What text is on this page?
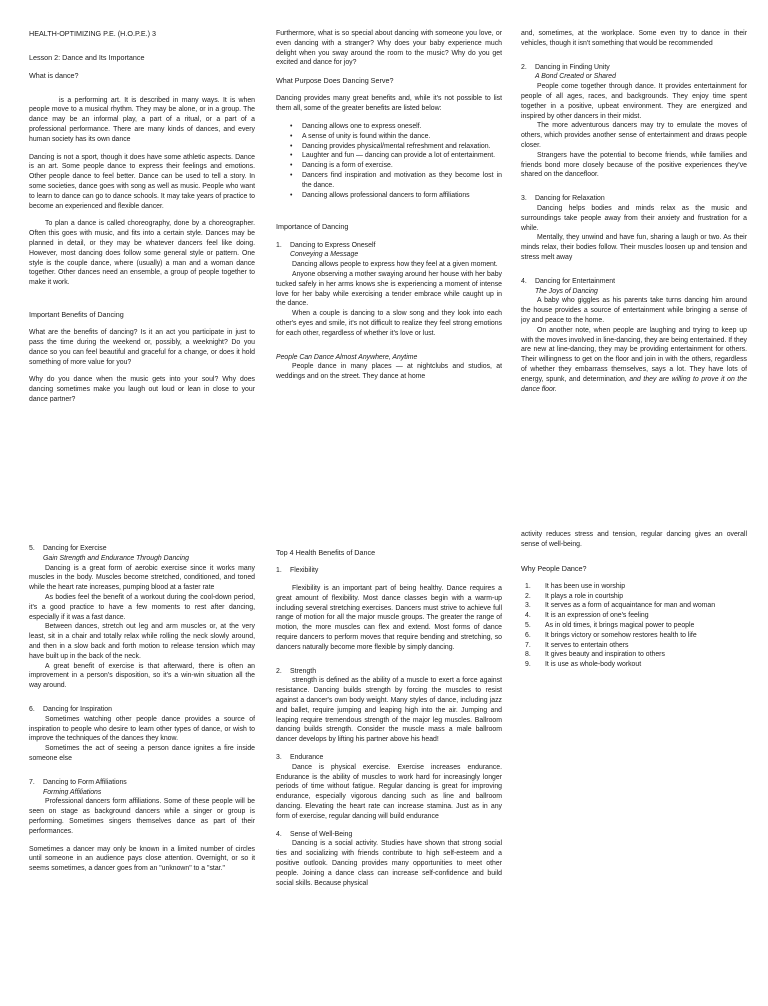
HEALTH-OPTIMIZING P.E. (H.O.P.E.) 3

Lesson 2: Dance and Its Importance

What is dance?

is a performing art. It is described in many ways. It is when people move to a musical rhythm. They may be alone, or in a group. The dance may be an informal play, a part of a ritual, or a part of a professional performance. There are many kinds of dances, and every human society has its own dance

Dancing is not a sport, though it does have some athletic aspects. Dance is an art. Some people dance to express their feelings and emotions. Other people dance to feel better. Dance can be used to tell a story. In some societies, dance goes with song as well as music. People who want to learn to dance can go to dance schools. It may take years of practice to become an experienced and flexible dancer.

To plan a dance is called choreography, done by a choreographer. Often this goes with music, and fits into a certain style. Dances may be planned in detail, or they may be whatever dancers feel like doing. However, most dancing does follow some general style or pattern. One style is the couple dance, where (usually) a man and a woman dance together. Other dances need an ensemble, a group of people together to make it work.

Important Benefits of Dancing

What are the benefits of dancing? Is it an act you participate in just to pass the time during the weekend or, possibly, a weeknight? Do you dance so you can feel beautiful and graceful for a change, or does it hold something of more value for you?

Why do you dance when the music gets into your soul? Why does dancing sometimes make you laugh out loud or lean in close to your dance partner?

Furthermore, what is so special about dancing with someone you love, or even dancing with a stranger? Why does your baby experience much delight when you sway around the room to the music? Why do you get excited and dance for joy?

What Purpose Does Dancing Serve?

Dancing provides many great benefits and, while it's not possible to list them all, some of the greater benefits are listed below:

• Dancing allows one to express oneself.
• A sense of unity is found within the dance.
• Dancing provides physical/mental refreshment and relaxation.
• Laughter and fun — dancing can provide a lot of entertainment.
• Dancing is a form of exercise.
• Dancers find inspiration and motivation as they become lost in the dance.
• Dancing allows professional dancers to form affiliations

Importance of Dancing

1.	Dancing to Express Oneself

Conveying a Message

Dancing allows people to express how they feel at a given moment.

Anyone observing a mother swaying around her house with her baby tucked safely in her arms knows she is experiencing a moment of intense love for her baby while exercising a tender embrace while caught up in the dance.

When a couple is dancing to a slow song and they look into each other's eyes and smile, it's not difficult to realize they feel strong emotions for each other, regardless of whether it's love or lust.

People Can Dance Almost Anywhere, Anytime

People dance in many places — at nightclubs and studios, at weddings and on the street. They dance at home

and, sometimes, at the workplace. Some even try to dance in their vehicles, though it isn't something that would be recommended

2.	Dancing in Finding Unity

A Bond Created or Shared

People come together through dance. It provides entertainment for people of all ages, races, and backgrounds. They enjoy time spent together in a positive, upbeat environment. They are energized and inspired by other dancers in their midst.

The more adventurous dancers may try to emulate the moves of others, which provides another sense of entertainment and draws people closer.

Strangers have the potential to become friends, while families and friends bond more closely because of the positive experiences they've shared on the dancefloor.

3.	Dancing for Relaxation

Dancing helps bodies and minds relax as the music and surroundings take people away from their anxiety and frustration for a while.

Mentally, they unwind and have fun, sharing a laugh or two. As their minds relax, their bodies follow. Their muscles loosen up and tension and stress melt away

4.	Dancing for Entertainment

The Joys of Dancing

A baby who giggles as his parents take turns dancing him around the house provides a source of entertainment while bringing a sense of joy and peace to the home.

On another note, when people are laughing and trying to keep up with the moves involved in line-dancing, they are being entertained. If they are new at line-dancing, they may be providing entertainment for others. Their willingness to get on the floor and join in with the others, regardless of whether they embarrass themselves, says a lot. They have lots of energy, spunk, and determination, and they are willing to prove it on the dance floor.

5.	Dancing for Exercise

Gain Strength and Endurance Through Dancing

Dancing is a great form of aerobic exercise since it works many muscles in the body. Muscles become stretched, conditioned, and toned while the heart rate increases, pumping blood at a faster rate

As bodies feel the benefit of a workout during the cool-down period, it's a good practice to have a few moments to rest after dancing, especially if it was a fast dance.

Between dances, stretch out leg and arm muscles or, at the very least, sit in a chair and totally relax while rolling the neck slowly around, and then in a slow back and forth motion to release tension which may have built up in the back of the neck.

A great benefit of exercise is that afterward, there is often an improvement in a person's disposition, so it's a win-win situation all the way around.

6.	Dancing for Inspiration

Sometimes watching other people dance provides a source of inspiration to people who desire to learn other types of dance, or wish to improve the techniques of the dances they know.

Sometimes the act of seeing a person dance ignites a fire inside someone else

7.	Dancing to Form Affiliations

Forming Affiliations

Professional dancers form affiliations. Some of these people will be seen on stage as background dancers while a singer or group is performing. Sometimes singers themselves dance as part of their performances.

Sometimes a dancer may only be known in a limited number of circles until someone in an audience pays close attention. Overnight, or so it seems sometimes, a dancer goes from an "unknown" to a "star."

Top 4 Health Benefits of Dance

1.	Flexibility

Flexibility is an important part of being healthy. Dance requires a great amount of flexibility. Most dance classes begin with a warm-up including several stretching exercises. Dancers must strive to achieve full range of motion for all the major muscle groups. The greater the range of motion, the more muscles can flex and extend. Most forms of dance require dancers to perform moves that require bending and stretching, so dancers naturally become more flexible by simply dancing.

2.	Strength

strength is defined as the ability of a muscle to exert a force against resistance. Dancing builds strength by forcing the muscles to resist against a dancer's own body weight. Many styles of dance, including jazz and ballet, require jumping and leaping high into the air. Jumping and leaping require tremendous strength of the major leg muscles. Ballroom dancing builds strength. Consider the muscle mass a male ballroom dancer develops by lifting his partner above his head!

3.	Endurance

Dance is physical exercise. Exercise increases endurance. Endurance is the ability of muscles to work hard for increasingly longer periods of time without fatigue. Regular dancing is great for improving endurance, especially vigorous dancing such as line and ballroom dancing. Elevating the heart rate can increase stamina. Just as in any form of exercise, regular dancing will build endurance

4.	Sense of Well-Being

Dancing is a social activity. Studies have shown that strong social ties and socializing with friends contribute to high self-esteem and a positive outlook. Dancing provides many opportunities to meet other people. Joining a dance class can increase self-confidence and build social skills. Because physical

activity reduces stress and tension, regular dancing gives an overall sense of well-being.

Why People Dance?

1.	It has been use in worship
2.	It plays a role in courtship
3.	It serves as a form of acquaintance for man and woman
4.	It is an expression of one's feeling
5.	As in old times, it brings magical power to people
6.	It brings victory or somehow restores health to life
7.	It serves to entertain others
8.	It gives beauty and inspiration to others
9.	It is use as whole-body workout
